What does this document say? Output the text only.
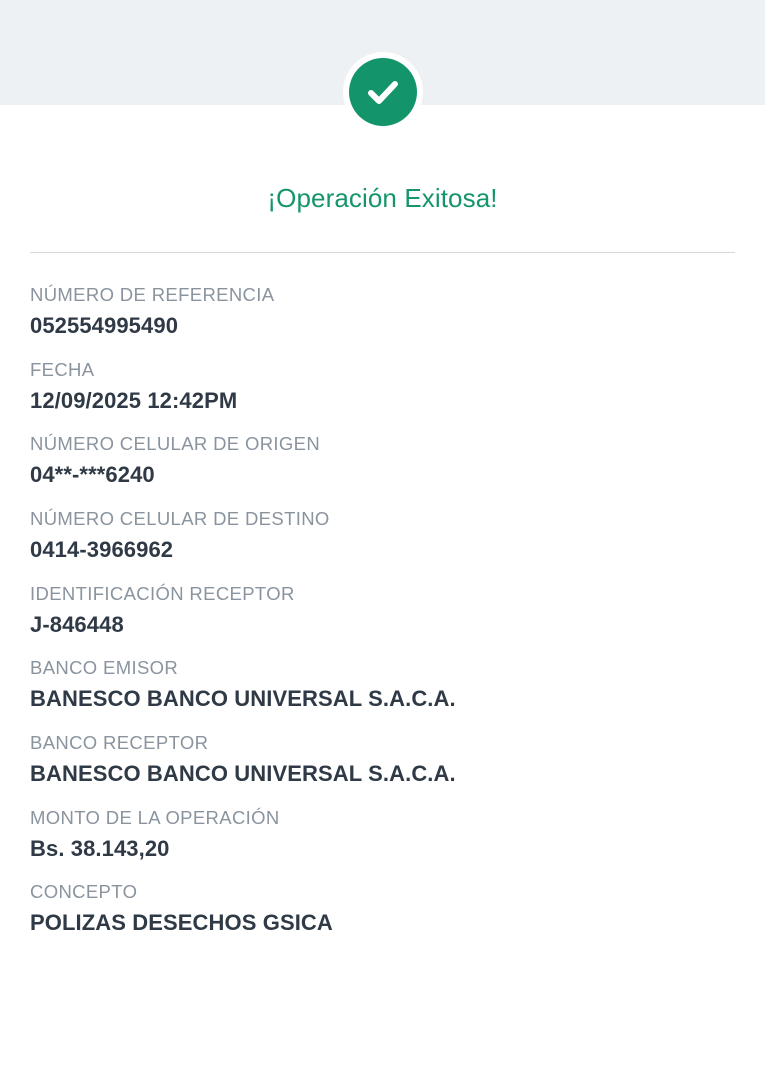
¡Operación Exitosa!
NÚMERO DE REFERENCIA
052554995490
FECHA
12/09/2025 12:42PM
NÚMERO CELULAR DE ORIGEN
04**-***6240
NÚMERO CELULAR DE DESTINO
0414-3966962
IDENTIFICACIÓN RECEPTOR
J-846448
BANCO EMISOR
BANESCO BANCO UNIVERSAL S.A.C.A.
BANCO RECEPTOR
BANESCO BANCO UNIVERSAL S.A.C.A.
MONTO DE LA OPERACIÓN
Bs. 38.143,20
CONCEPTO
POLIZAS DESECHOS GSICA
